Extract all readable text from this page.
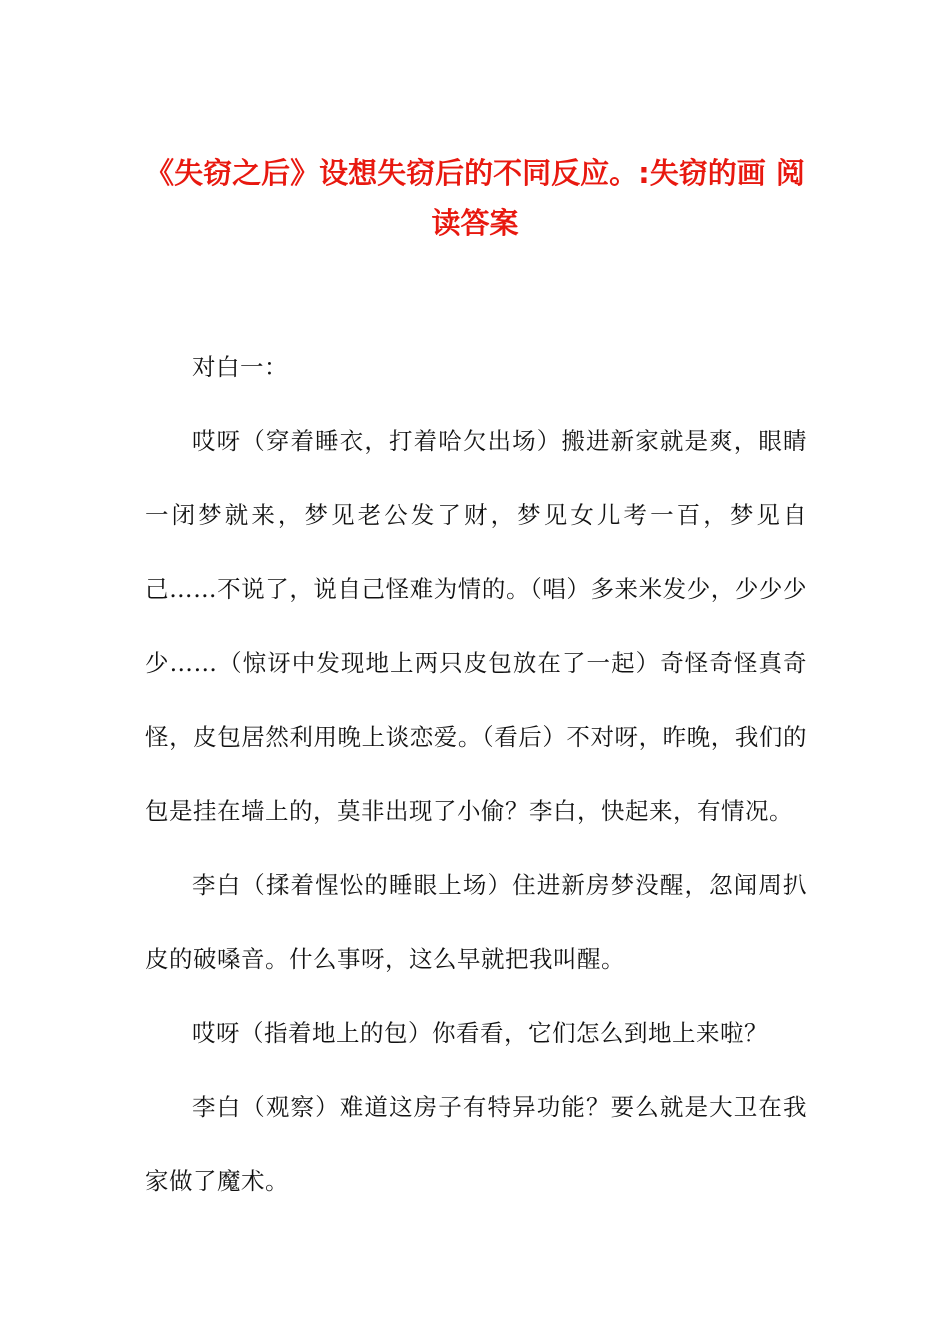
《失窃之后》设想失窃后的不同反应。:失窃的画 阅读答案

对白一：

哎呀（穿着睡衣，打着哈欠出场）搬进新家就是爽，眼睛一闭梦就来，梦见老公发了财，梦见女儿考一百，梦见自己……不说了，说自己怪难为情的。（唱）多来米发少，少少少少……（惊讶中发现地上两只皮包放在了一起）奇怪奇怪真奇怪，皮包居然利用晚上谈恋爱。（看后）不对呀，昨晚，我们的包是挂在墙上的，莫非出现了小偷？李白，快起来，有情况。

李白（揉着惺忪的睡眼上场）住进新房梦没醒，忽闻周扒皮的破嗓音。什么事呀，这么早就把我叫醒。

哎呀（指着地上的包）你看看，它们怎么到地上来啦？

李白（观察）难道这房子有特异功能？要么就是大卫在我家做了魔术。
